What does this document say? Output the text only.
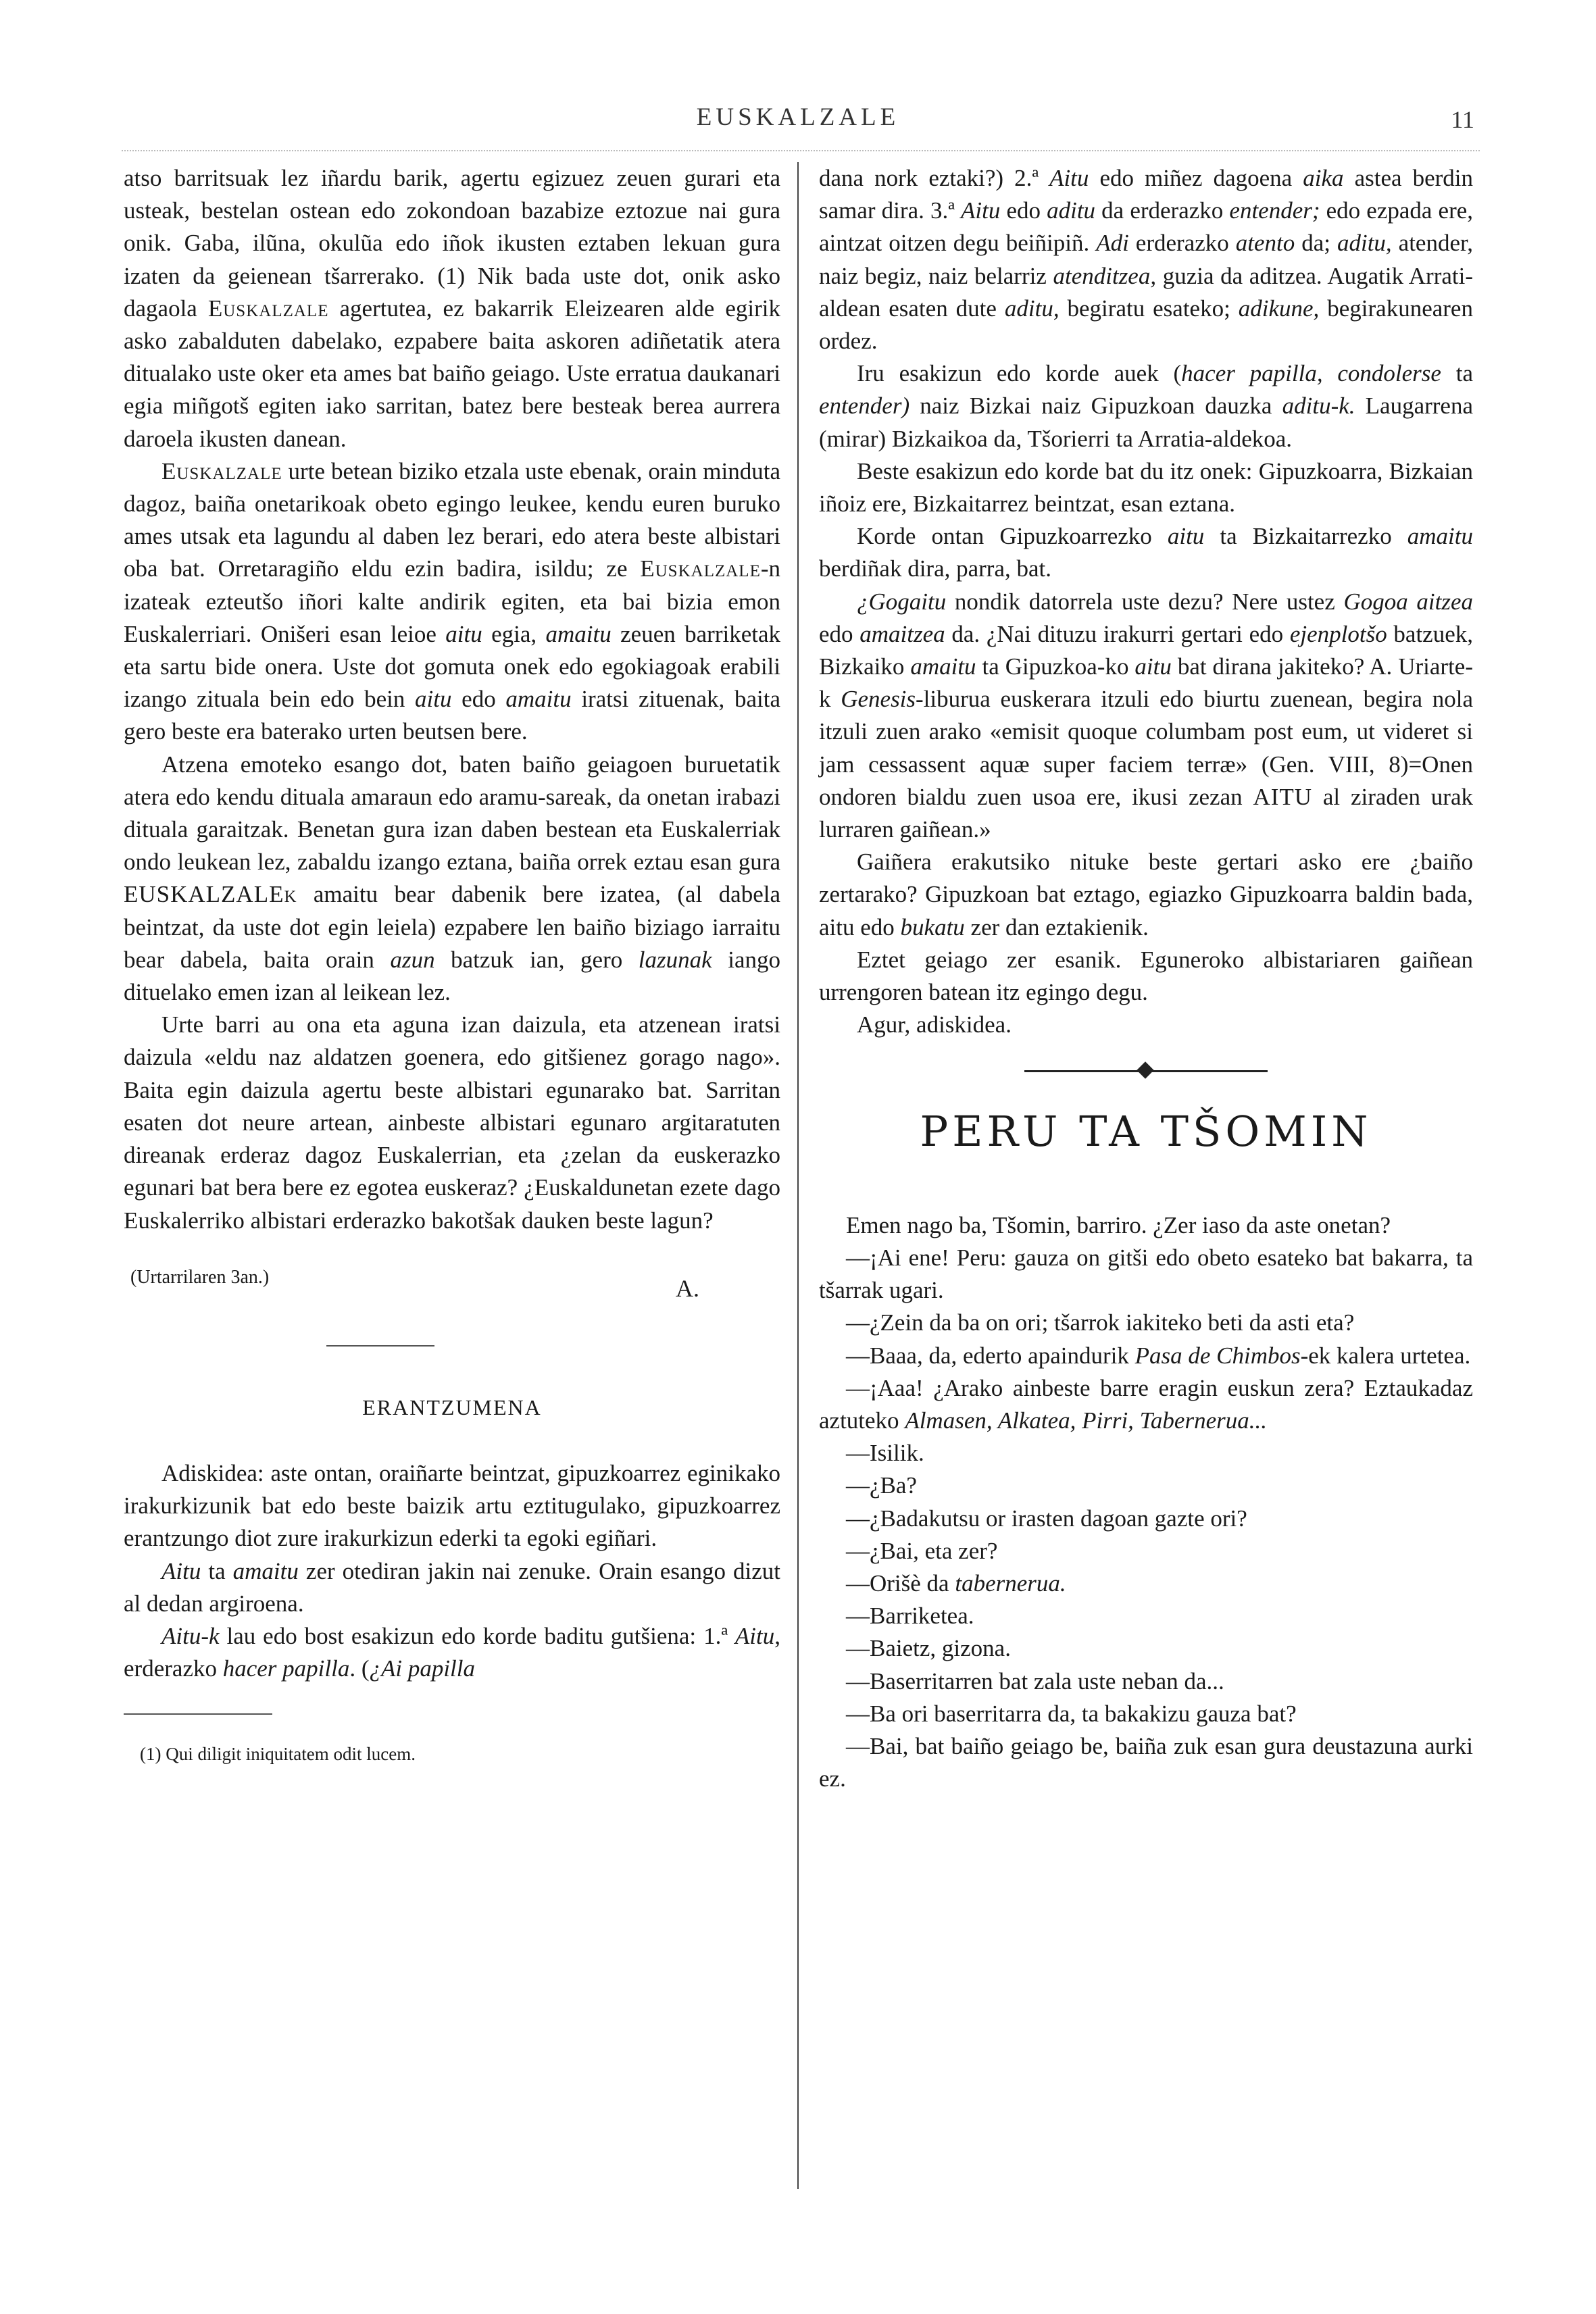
EUSKALZALE	11

atso barritsuak lez iñardu barik, agertu egizuez zeuen gurari eta usteak, bestelan ostean edo zokondoan bazabize eztozue nai gura onik. Gaba, ilũna, okulũa edo iñok ikusten eztaben lekuan gura izaten da geienean tšarrerako. (1) Nik bada uste dot, onik asko dagaola Euskalzale agertutea, ez bakarrik Eleizearen alde egirik asko zabalduten dabelako, ezpabere baita askoren adiñetatik atera ditualako uste oker eta ames bat baiño geiago. Uste erratua daukanari egia miñgotš egiten iako sarritan, batez bere besteak berea aurrera daroela ikusten danean.

Euskalzale urte betean biziko etzala uste ebenak, orain minduta dagoz, baiña onetarikoak obeto egingo leukee, kendu euren buruko ames utsak eta lagundu al daben lez berari, edo atera beste albistari oba bat. Orretaragiño eldu ezin badira, isildu; ze Euskalzale-n izateak ezteutšo iñori kalte andirik egiten, eta bai bizia emon Euskalerriari. Onišeri esan leioe aitu egia, amaitu zeuen barriketak eta sartu bide onera. Uste dot gomuta onek edo egokiagoak erabili izango zituala bein edo bein aitu edo amaitu iratsi zituenak, baita gero beste era baterako urten beutsen bere.

Atzena emoteko esango dot, baten baiño geiagoen buruetatik atera edo kendu dituala amaraun edo aramu-sareak, da onetan irabazi dituala garaitzak. Benetan gura izan daben bestean eta Euskalerriak ondo leukean lez, zabaldu izango eztana, baiña orrek eztau esan gura EUSKALZALEk amaitu bear dabenik bere izatea, (al dabela beintzat, da uste dot egin leiela) ezpabere len baiño biziago iarraitu bear dabela, baita orain azun batzuk ian, gero lazunak iango dituelako emen izan al leikean lez.

Urte barri au ona eta aguna izan daizula, eta atzenean iratsi daizula «eldu naz aldatzen goenera, edo gitšienez gorago nago». Baita egin daizula agertu beste albistari egunarako bat. Sarritan esaten dot neure artean, ainbeste albistari egunaro argitaratuten direanak erderaz dagoz Euskalerrian, eta ¿zelan da euskerazko egunari bat bera bere ez egotea euskeraz? ¿Euskaldunetan ezete dago Euskalerriko albistari erderazko bakotšak dauken beste lagun?

(Urtarrilaren 3an.)	A.
ERANTZUMENA

Adiskidea: aste ontan, oraiñarte beintzat, gipuzkoarrez eginikako irakurkizunik bat edo beste baizik artu eztitugulako, gipuzkoarrez erantzungo diot zure irakurkizun ederki ta egoki egiñari.

Aitu ta amaitu zer otediran jakin nai zenuke. Orain esango dizut al dedan argiroena.

Aitu-k lau edo bost esakizun edo korde baditu gutšiena: 1.ª Aitu, erderazko hacer papilla. (¿Ai papilla

(1) Qui diligit iniquitatem odit lucem.

dana nork eztaki?) 2.ª Aitu edo miñez dagoena aika astea berdin samar dira. 3.ª Aitu edo aditu da erderazko entender; edo ezpada ere, aintzat oitzen degu beiñipiñ. Adi erderazko atento da; aditu, atender, naiz begiz, naiz belarriz atenditzea, guzia da aditzea. Augatik Arrati-aldean esaten dute aditu, begiratu esateko; adikune, begirakunearen ordez.

Iru esakizun edo korde auek (hacer papilla, condolerse ta entender) naiz Bizkai naiz Gipuzkoan dauzka aditu-k. Laugarrena (mirar) Bizkaikoa da, Tšorierri ta Arratia-aldekoa.

Beste esakizun edo korde bat du itz onek: Gipuzkoarra, Bizkaian iñoiz ere, Bizkaitarrez beintzat, esan eztana.

Korde ontan Gipuzkoarrezko aitu ta Bizkaitarrezko amaitu berdiñak dira, parra, bat.

¿Gogaitu nondik datorrela uste dezu? Nere ustez Gogoa aitzea edo amaitzea da. ¿Nai dituzu irakurri gertari edo ejenplotšo batzuek, Bizkaiko amaitu ta Gipuzkoa-ko aitu bat dirana jakiteko? A. Uriarte-k Genesis-liburua euskerara itzuli edo biurtu zuenean, begira nola itzuli zuen arako «emisit quoque columbam post eum, ut videret si jam cessassent aquæ super faciem terræ» (Gen. VIII, 8)=Onen ondoren bialdu zuen usoa ere, ikusi zezan AITU al ziraden urak lurraren gaiñean.»

Gaiñera erakutsiko nituke beste gertari asko ere ¿baiño zertarako? Gipuzkoan bat eztago, egiazko Gipuzkoarra baldin bada, aitu edo bukatu zer dan eztakienik.

Eztet geiago zer esanik. Eguneroko albistariaren gaiñean urrengoren batean itz egingo degu.

Agur, adiskidea.

PERU TA TŠOMIN

Emen nago ba, Tšomin, barriro. ¿Zer iaso da aste onetan?

—¡Ai ene! Peru: gauza on gitši edo obeto esateko bat bakarra, ta tšarrak ugari.

—¿Zein da ba on ori; tšarrok iakiteko beti da asti eta?

—Baaa, da, ederto apaindurik Pasa de Chimbos-ek kalera urtetea.

—¡Aaa! ¿Arako ainbeste barre eragin euskun zera? Eztaukadaz aztuteko Almasen, Alkatea, Pirri, Tabernerua...

—Isilik.

—¿Ba?

—¿Badakutsu or irasten dagoan gazte ori?

—¿Bai, eta zer?

—Orišè da tabernerua.

—Barriketea.

—Baietz, gizona.

—Baserritarren bat zala uste neban da...

—Ba ori baserritarra da, ta bakakizu gauza bat?

—Bai, bat baiño geiago be, baiña zuk esan gura deustazuna aurki ez.
